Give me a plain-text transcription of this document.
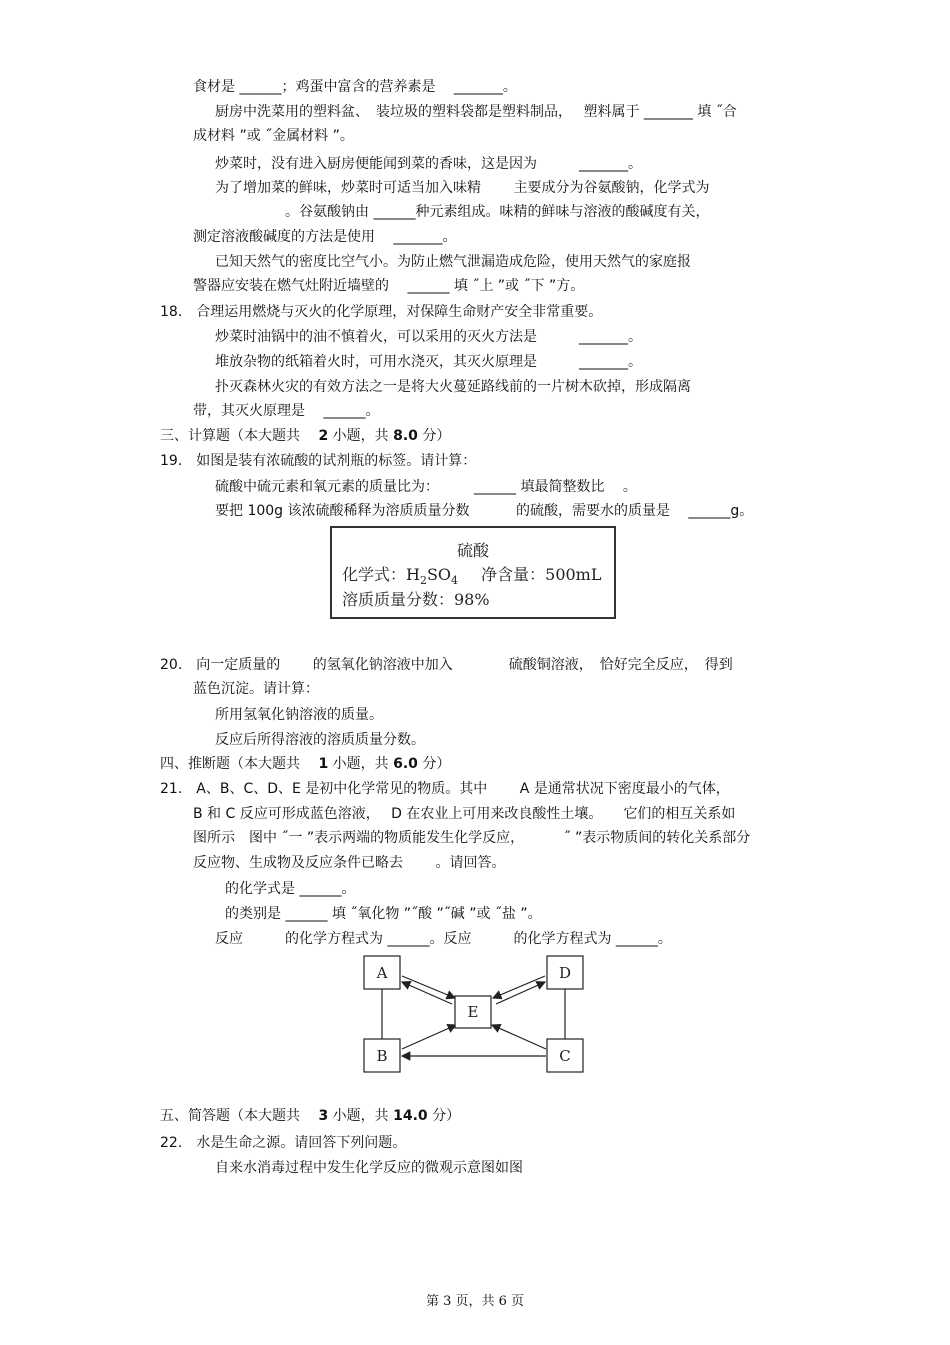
食材是 ______；鸡蛋中富含的营养素是 　_______。
厨房中洗菜用的塑料盆、　装垃圾的塑料袋都是塑料制品，　 塑料属于 _______ 填 ˝合
成材料 ”或 ˝金属材料 ”。
炒菜时，没有进入厨房便能闻到菜的香味，这是因为　　　_______。
为了增加菜的鲜味，炒菜时可适当加入味精　　 主要成分为谷氨酸钠，化学式为
。谷氨酸钠由 ______种元素组成。味精的鲜味与溶液的酸碱度有关，
测定溶液酸碱度的方法是使用　 _______。
已知天然气的密度比空气小。为防止燃气泄漏造成危险，使用天然气的家庭报
警器应安装在燃气灶附近墙壁的　 ______ 填 ˝上 ”或 ˝下 ”方。
18.　合理运用燃烧与灭火的化学原理，对保障生命财产安全非常重要。
炒菜时油锅中的油不慎着火，可以采用的灭火方法是　　　_______。
堆放杂物的纸箱着火时，可用水浇灭，其灭火原理是　　　_______。
扑灭森林火灾的有效方法之一是将大火蔓延路线前的一片树木砍掉，形成隔离
带，其灭火原理是 　______。
三、计算题（本大题共　 2 小题，共 8.0 分）
19.　如图是装有浓硫酸的试剂瓶的标签。请计算：
硫酸中硫元素和氧元素的质量比为：　　　______ 填最简整数比 　。
要把 100g 该浓硫酸稀释为溶质质量分数　　　 的硫酸，需要水的质量是　 ______g。
硫酸
化学式：$H_2SO_4$ 净含量：500mL
溶质质量分数：98%
20.　向一定质量的　　 的氢氧化钠溶液中加入　　　　硫酸铜溶液，　恰好完全反应，　得到
蓝色沉淀。请计算：
所用氢氧化钠溶液的质量。
反应后所得溶液的溶质质量分数。
四、推断题（本大题共　 1 小题，共 6.0 分）
21.　A、B、C、D、E 是初中化学常见的物质。其中　　 A 是通常状况下密度最小的气体，
B 和 C 反应可形成蓝色溶液，　 D 在农业上可用来改良酸性土壤。　　它们的相互关系如
图所示　图中 ˝一 ”表示两端的物质能发生化学反应，　　　 ˝ ”表示物质间的转化关系部分
反应物、生成物及反应条件已略去　　 。请回答。
的化学式是 ______。
的类别是 ______ 填 ˝氧化物 ”˝酸 ”˝碱 ”或 ˝盐 ”。
反应　　　的化学方程式为 ______。反应　　　的化学方程式为 ______。
A	D
E
B	C
五、简答题（本大题共　 3 小题，共 14.0 分）
22.　水是生命之源。请回答下列问题。
自来水消毒过程中发生化学反应的微观示意图如图
第 3 页，共 6 页
